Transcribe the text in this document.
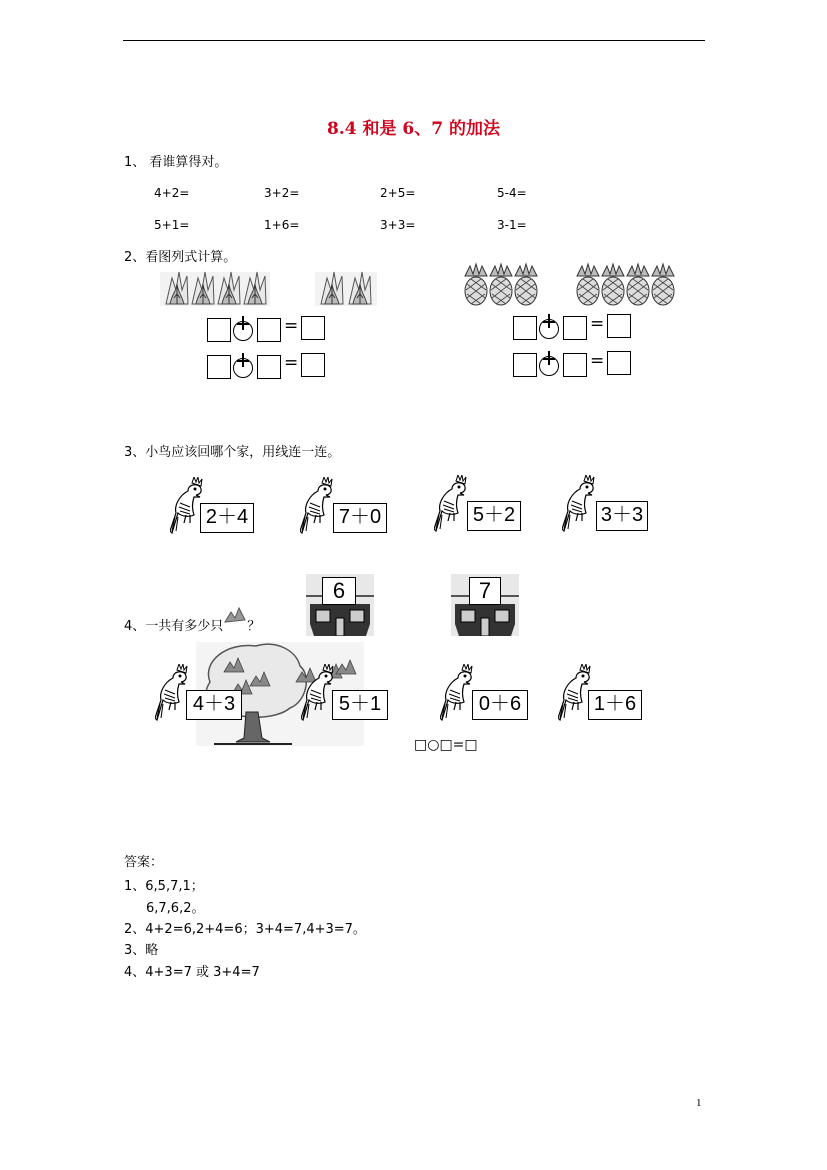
8.4 和是 6、7 的加法
1、 看谁算得对。
4+2=	3+2=	2+5=	5-4=
5+1=	1+6=	3+3=	3-1=
2、看图列式计算。
=
=
=
=
3、小鸟应该回哪个家，用线连一连。
2＋4	7＋0	5＋2	3＋3
4、一共有多少只 ？
6	7
4＋3	5＋1	0＋6	1＋6
□○□=□
答案：
1、6,5,7,1；
6,7,6,2。
2、4+2=6,2+4=6；3+4=7,4+3=7。
3、略
4、4+3=7 或 3+4=7
1
